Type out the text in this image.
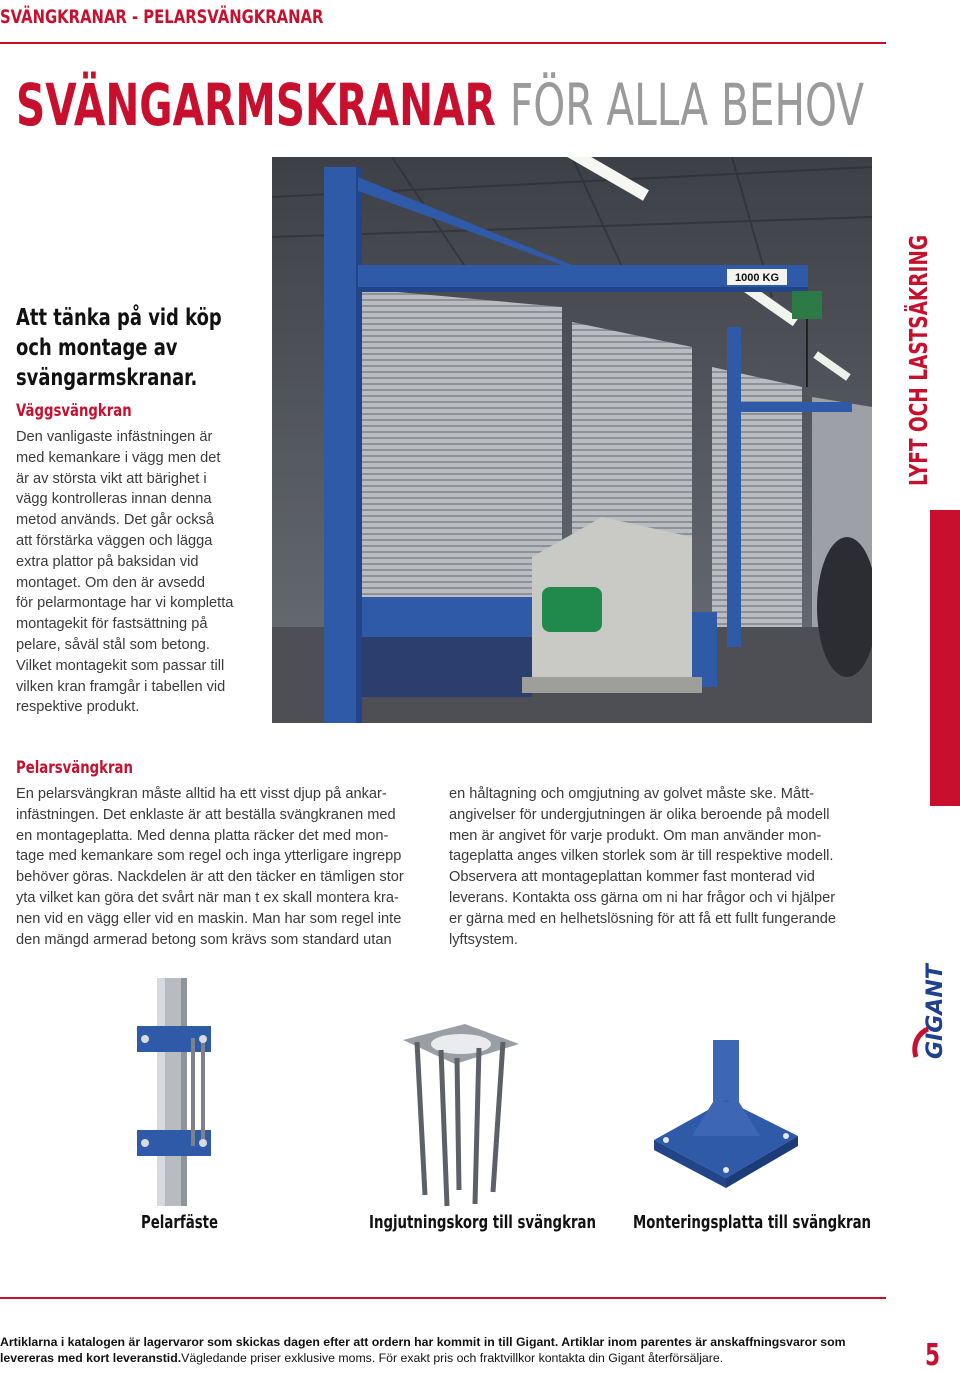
SVÄNGKRANAR - PELARSVÄNGKRANAR
SVÄNGARMSKRANAR FÖR ALLA BEHOV
1000 KG
Att tänka på vid köp
och montage av
svängarmskranar.
Väggsvängkran
Den vanligaste infästningen är
med kemankare i vägg men det
är av största vikt att bärighet i
vägg kontrolleras innan denna
metod används. Det går också
att förstärka väggen och lägga
extra plattor på baksidan vid
montaget. Om den är avsedd
för pelarmontage har vi kompletta
montagekit för fastsättning på
pelare, såväl stål som betong.
Vilket montagekit som passar till
vilken kran framgår i tabellen vid
respektive produkt.
LYFT OCH LASTSÄKRING
Pelarsvängkran
En pelarsvängkran måste alltid ha ett visst djup på ankar-
infästningen. Det enklaste är att beställa svängkranen med
en montageplatta. Med denna platta räcker det med mon-
tage med kemankare som regel och inga ytterligare ingrepp
behöver göras. Nackdelen är att den täcker en tämligen stor
yta vilket kan göra det svårt när man t ex skall montera kra-
nen vid en vägg eller vid en maskin. Man har som regel inte
den mängd armerad betong som krävs som standard utan
en håltagning och omgjutning av golvet måste ske. Mått-
angivelser för undergjutningen är olika beroende på modell
men är angivet för varje produkt. Om man använder mon-
tageplatta anges vilken storlek som är till respektive modell.
Observera att montageplattan kommer fast monterad vid
leverans. Kontakta oss gärna om ni har frågor och vi hjälper
er gärna med en helhetslösning för att få ett fullt fungerande
lyftsystem.
GIGANT
Pelarfäste	Ingjutningskorg till svängkran Monteringsplatta till svängkran
Artiklarna i katalogen är lagervaror som skickas dagen efter att ordern har kommit in till Gigant. Artiklar inom parentes är anskaffningsvaror som
levereras med kort leveranstid.Vägledande priser exklusive moms. För exakt pris och fraktvillkor kontakta din Gigant återförsäljare.	5
